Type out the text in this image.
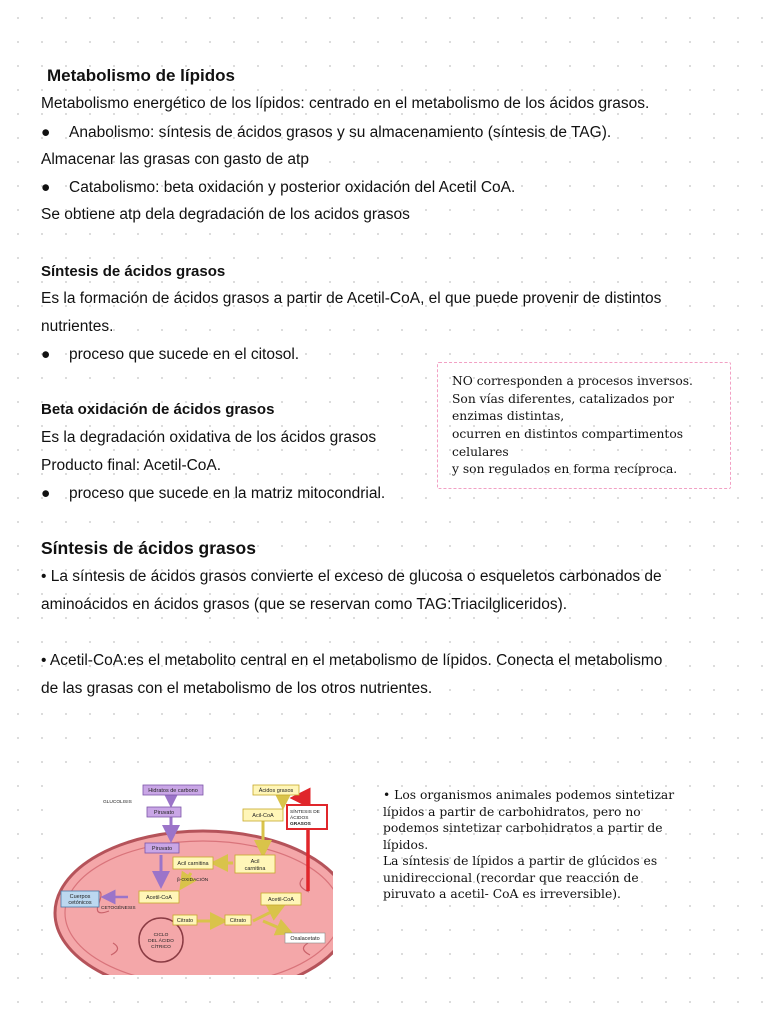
Metabolismo de lípidos
Metabolismo energético de los lípidos: centrado en el metabolismo de los ácidos grasos.
● Anabolismo: síntesis de ácidos grasos y su almacenamiento (síntesis de TAG).
Almacenar las grasas con gasto de atp
● Catabolismo: beta oxidación y posterior oxidación del Acetil CoA.
Se obtiene atp dela degradación de los acidos grasos
Síntesis de ácidos grasos
Es la formación de ácidos grasos a partir de Acetil-CoA, el que puede provenir de distintos
nutrientes.
● proceso que sucede en el citosol.
Beta oxidación de ácidos grasos
Es la degradación oxidativa de los ácidos grasos
Producto final: Acetil-CoA.
● proceso que sucede en la matriz mitocondrial.
NO corresponden a procesos inversos.
Son vías diferentes, catalizados por
enzimas distintas,
ocurren en distintos compartimentos
celulares
y son regulados en forma recíproca.
Síntesis de ácidos grasos
• La síntesis de ácidos grasos convierte el exceso de glucosa o esqueletos carbonados de
aminoácidos en ácidos grasos (que se reservan como TAG:Triacilgliceridos).
• Acetil-CoA:es el metabolito central en el metabolismo de lípidos. Conecta el metabolismo
de las grasas con el metabolismo de los otros nutrientes.
Hidratos de carbono
GLUCOLISIS
Piruvato
Piruvato
Ácidos grasos
Acil-CoA
SÍNTESIS DE
ÁCIDOS
GRASOS
Acil carnitina	Acil
carnitina
β-OXIDACIÓN
Cuerpos
cetónicos
CETOGÉNESIS
Acetil-CoA	Acetil-CoA
Citrato	Citrato
CICLO
DEL ÁCIDO
CÍTRICO
Oxalacetato
• Los organismos animales podemos sintetizar
lípidos a partir de carbohidratos, pero no
podemos sintetizar carbohidratos a partir de
lípidos.
La síntesis de lípidos a partir de glúcidos es
unidireccional (recordar que reacción de
piruvato a acetil- CoA es irreversible).
